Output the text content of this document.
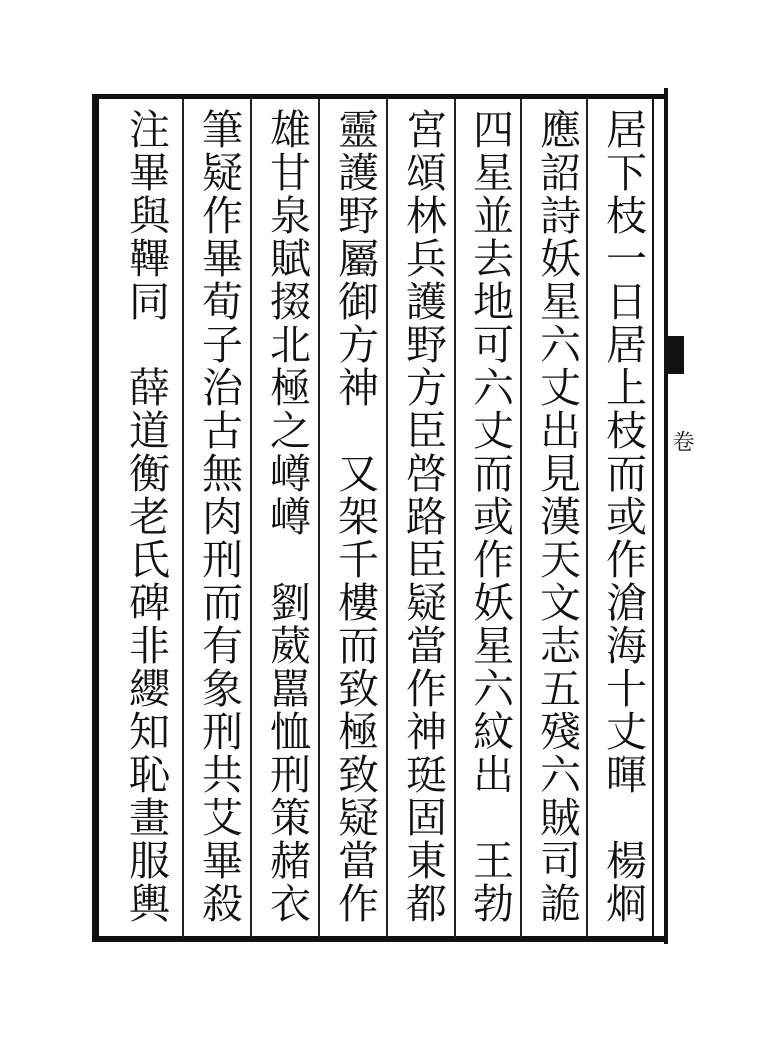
卷
居下枝一日居上枝而或作滄海十丈暉　楊烱
應詔詩妖星六丈出見漢天文志五殘六賊司詭
四星並去地可六丈而或作妖星六紋出　王勃
宮頌林兵護野方臣啓路臣疑當作神珽固東都
靈護野屬御方神　又架千樓而致極致疑當作
雄甘泉賦掇北極之嶟嶟　劉葳嚚恤刑策赭衣
筆疑作畢荀子治古無肉刑而有象刑共艾畢殺
注畢與鞸同　薛道衡老氏碑非纓知恥畫服輿
